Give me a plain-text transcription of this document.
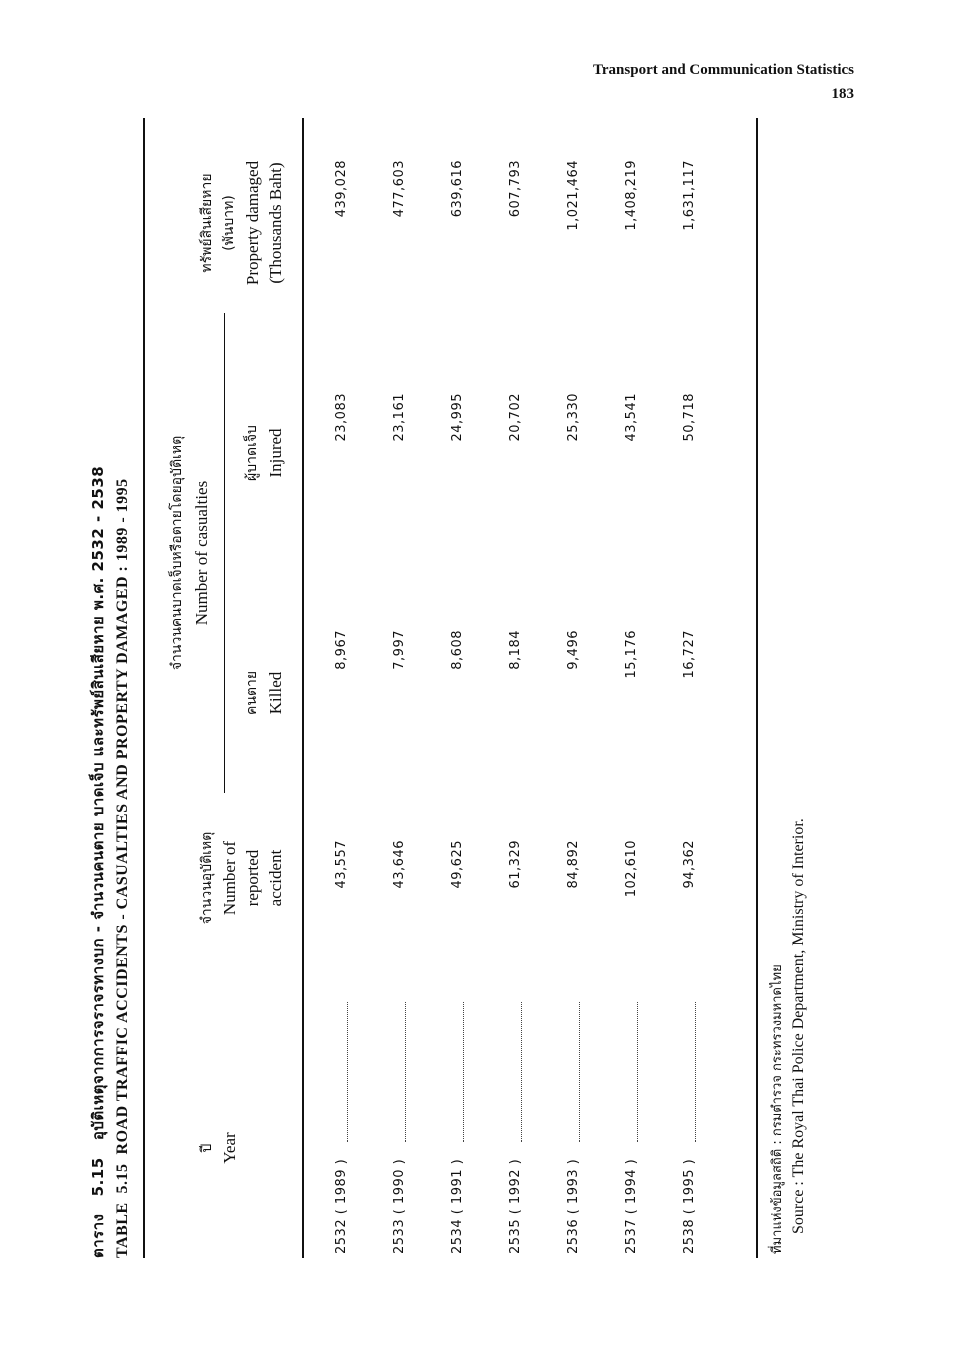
Transport and Communication Statistics
183
ตาราง   5.15   อุบัติเหตุจากการจราจรทางบก - จำนวนคนตาย บาดเจ็บ และทรัพย์สินเสียหาย พ.ศ. 2532 - 2538
TABLE  5.15  ROAD TRAFFIC ACCIDENTS - CASUALTIES AND PROPERTY DAMAGED : 1989 - 1995	ปี Year
จำนวนอุบัติเหตุ Number of reported accident
จำนวนคนบาดเจ็บหรือตายโดยอุบัติเหตุ Number of casualties
คนตาย Killed
ผู้บาดเจ็บ Injured
ทรัพย์สินเสียหาย (พันบาท) Property damaged (Thousands Baht)
2532 ( 1989 )
43,557
8,967
23,083
439,028
2533 ( 1990 )
43,646
7,997
23,161
477,603
2534 ( 1991 )
49,625
8,608
24,995
639,616
2535 ( 1992 )
61,329
8,184
20,702
607,793
2536 ( 1993 )
84,892
9,496
25,330
1,021,464
2537 ( 1994 )
102,610
15,176
43,541
1,408,219
2538 ( 1995 )
94,362
16,727
50,718
1,631,117
ที่มาแห่งข้อมูลสถิติ : กรมตำรวจ กระทรวงมหาดไทย Source : The Royal Thai Police Department, Ministry of Interior.
